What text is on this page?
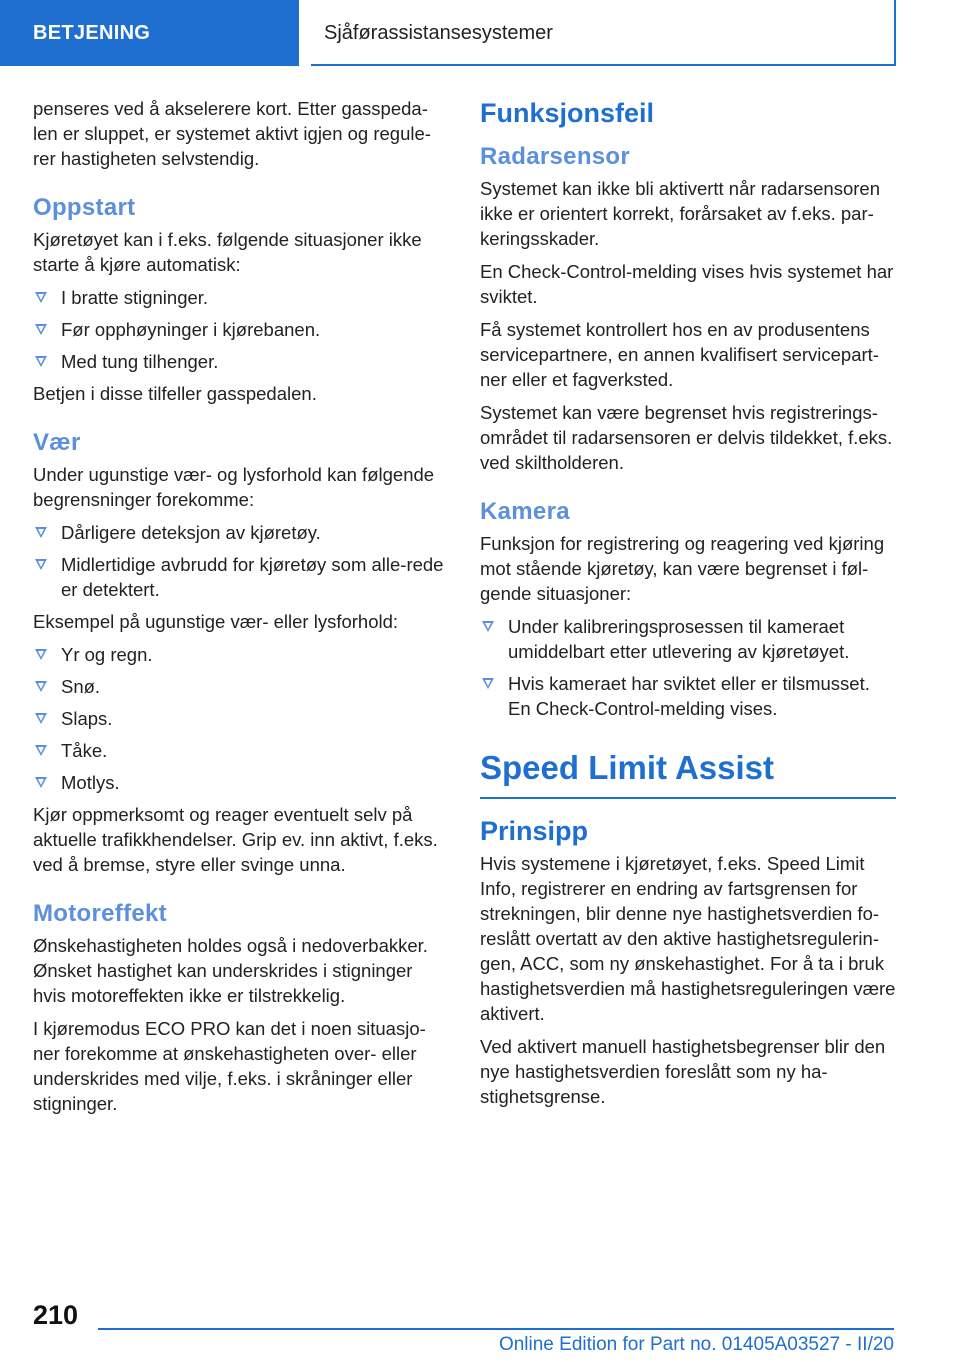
BETJENING	Sjåførassistansesystemer

penseres ved å akselerere kort. Etter gasspeda-len er sluppet, er systemet aktivt igjen og regule-rer hastigheten selvstendig.

Oppstart

Kjøretøyet kan i f.eks. følgende situasjoner ikke starte å kjøre automatisk:

I bratte stigninger.
Før opphøyninger i kjørebanen.
Med tung tilhenger.

Betjen i disse tilfeller gasspedalen.

Vær

Under ugunstige vær- og lysforhold kan følgende begrensninger forekomme:

Dårligere deteksjon av kjøretøy.
Midlertidige avbrudd for kjøretøy som alle-rede er detektert.

Eksempel på ugunstige vær- eller lysforhold:

Yr og regn.
Snø.
Slaps.
Tåke.
Motlys.

Kjør oppmerksomt og reager eventuelt selv på aktuelle trafikkhendelser. Grip ev. inn aktivt, f.eks. ved å bremse, styre eller svinge unna.

Motoreffekt

Ønskehastigheten holdes også i nedoverbakker. Ønsket hastighet kan underskrides i stigninger hvis motoreffekten ikke er tilstrekkelig.

I kjøremodus ECO PRO kan det i noen situasjo-ner forekomme at ønskehastigheten over- eller underskrides med vilje, f.eks. i skråninger eller stigninger.

Funksjonsfeil
Radarsensor

Systemet kan ikke bli aktivertt når radarsensoren ikke er orientert korrekt, forårsaket av f.eks. par-keringsskader.

En Check-Control-melding vises hvis systemet har sviktet.

Få systemet kontrollert hos en av produsentens servicepartnere, en annen kvalifisert servicepart-ner eller et fagverksted.

Systemet kan være begrenset hvis registrerings-området til radarsensoren er delvis tildekket, f.eks. ved skiltholderen.

Kamera

Funksjon for registrering og reagering ved kjøring mot stående kjøretøy, kan være begrenset i føl-gende situasjoner:

Under kalibreringsprosessen til kameraet umiddelbart etter utlevering av kjøretøyet.
Hvis kameraet har sviktet eller er tilsmusset. En Check-Control-melding vises.
Speed Limit Assist
Prinsipp

Hvis systemene i kjøretøyet, f.eks. Speed Limit Info, registrerer en endring av fartsgrensen for strekningen, blir denne nye hastighetsverdien fo-reslått overtatt av den aktive hastighetsregulerin-gen, ACC, som ny ønskehastighet. For å ta i bruk hastighetsverdien må hastighetsreguleringen være aktivert.

Ved aktivert manuell hastighetsbegrenser blir den nye hastighetsverdien foreslått som ny ha-stighetsgrense.

210
Online Edition for Part no. 01405A03527 - II/20
